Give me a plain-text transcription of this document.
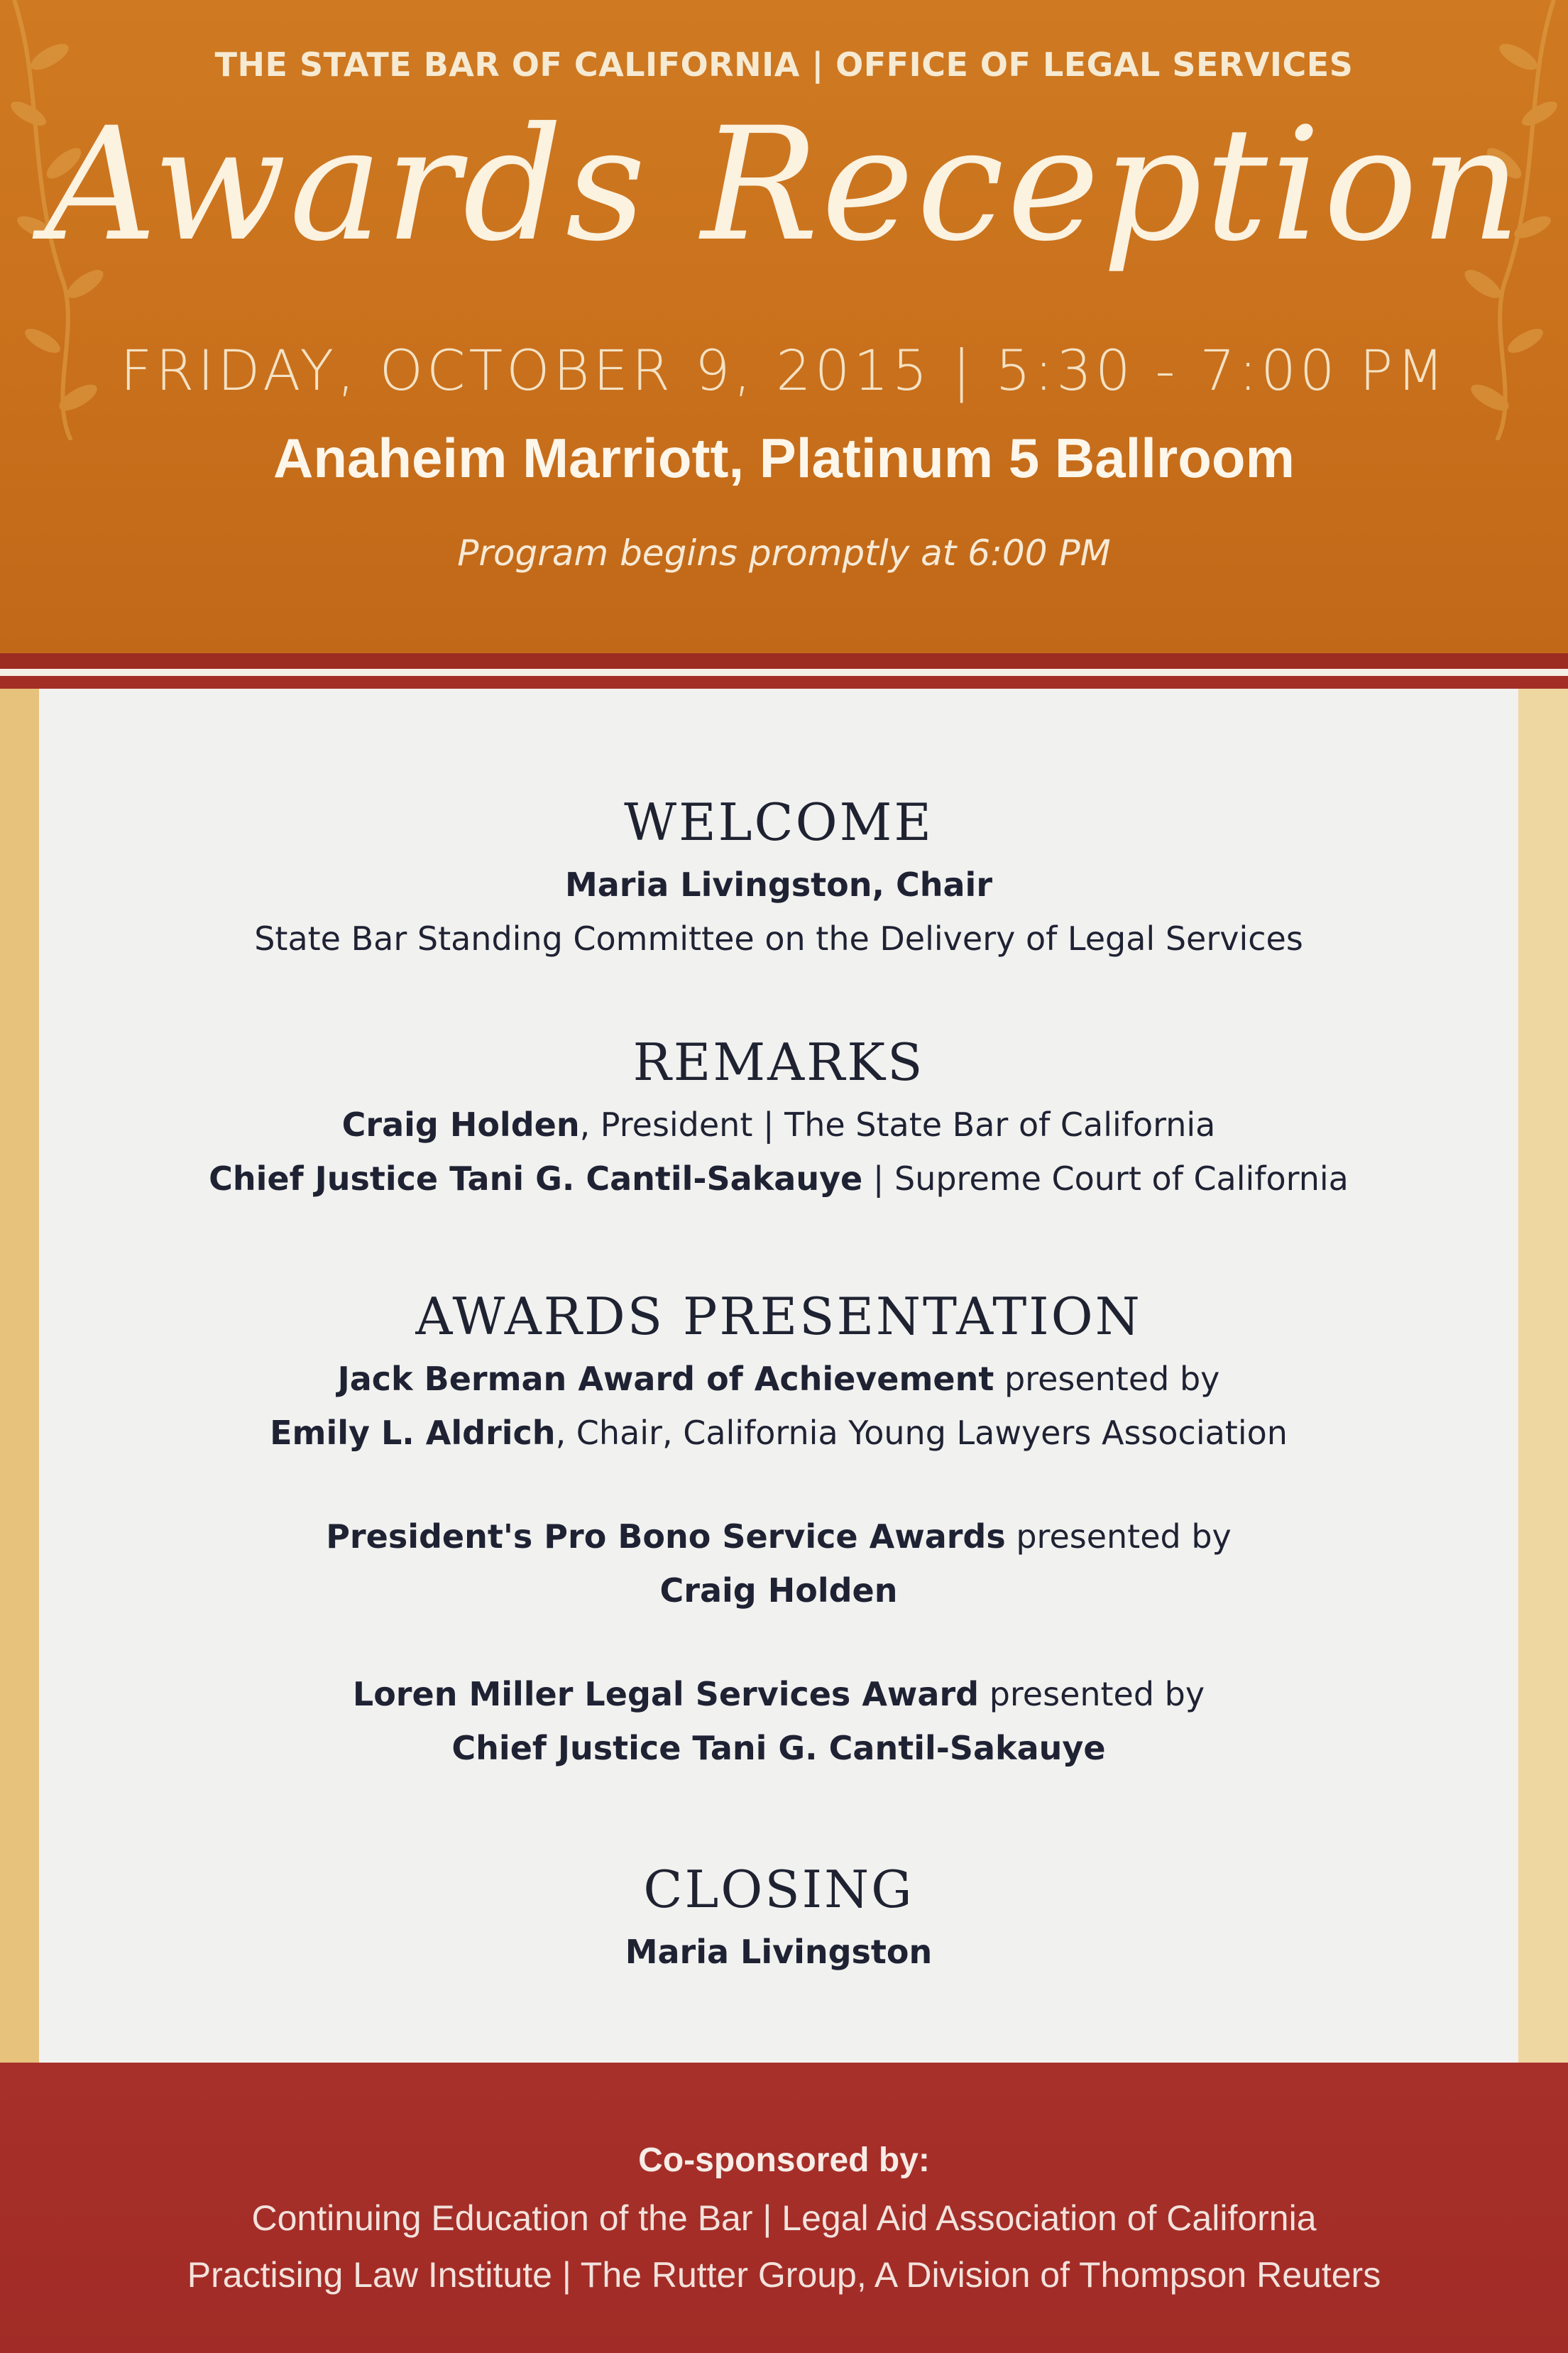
THE STATE BAR OF CALIFORNIA | OFFICE OF LEGAL SERVICES
Awards Reception
FRIDAY, OCTOBER 9, 2015 | 5:30 - 7:00 PM
Anaheim Marriott, Platinum 5 Ballroom
Program begins promptly at 6:00 PM
WELCOME
Maria Livingston, Chair
State Bar Standing Committee on the Delivery of Legal Services
REMARKS
Craig Holden, President | The State Bar of California
Chief Justice Tani G. Cantil-Sakauye | Supreme Court of California
AWARDS PRESENTATION
Jack Berman Award of Achievement presented by
Emily L. Aldrich, Chair, California Young Lawyers Association
President's Pro Bono Service Awards presented by
Craig Holden
Loren Miller Legal Services Award presented by
Chief Justice Tani G. Cantil-Sakauye
CLOSING
Maria Livingston
Co-sponsored by:
Continuing Education of the Bar | Legal Aid Association of California
Practising Law Institute | The Rutter Group, A Division of Thompson Reuters
